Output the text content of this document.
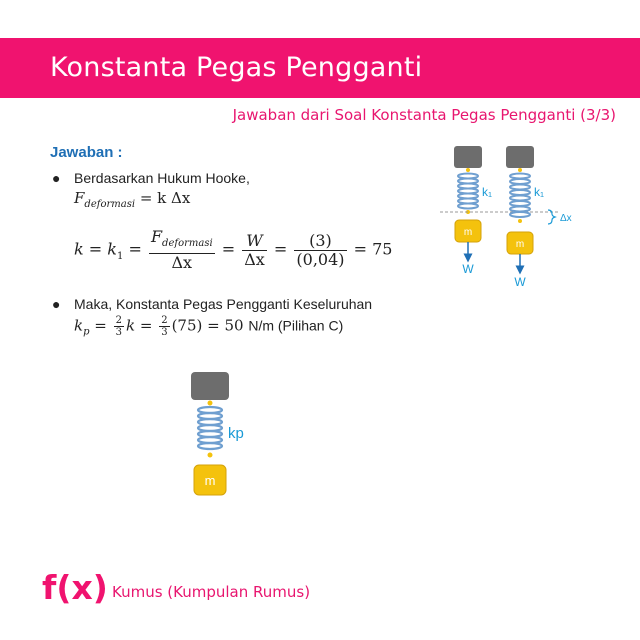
Konstanta Pegas Pengganti
Jawaban dari Soal Konstanta Pegas Pengganti (3/3)
Jawaban :
● Berdasarkan Hukum Hooke,
$F_{deformasi} = k$ Δx
$k = k_1 = \frac{F_{deformasi}}{\Delta x} = \frac{W}{\Delta x} = \frac{(3)}{(0,04)} = 75$
● Maka, Konstanta Pegas Pengganti Keseluruhan
$k_p = \frac{2}{3}$ $k = \frac{2}{3} (75) = 50$ N/m (Pilihan C)
k₁
m
W
k₁
m
W
Δx
kp
m
f(x) Kumus (Kumpulan Rumus)
